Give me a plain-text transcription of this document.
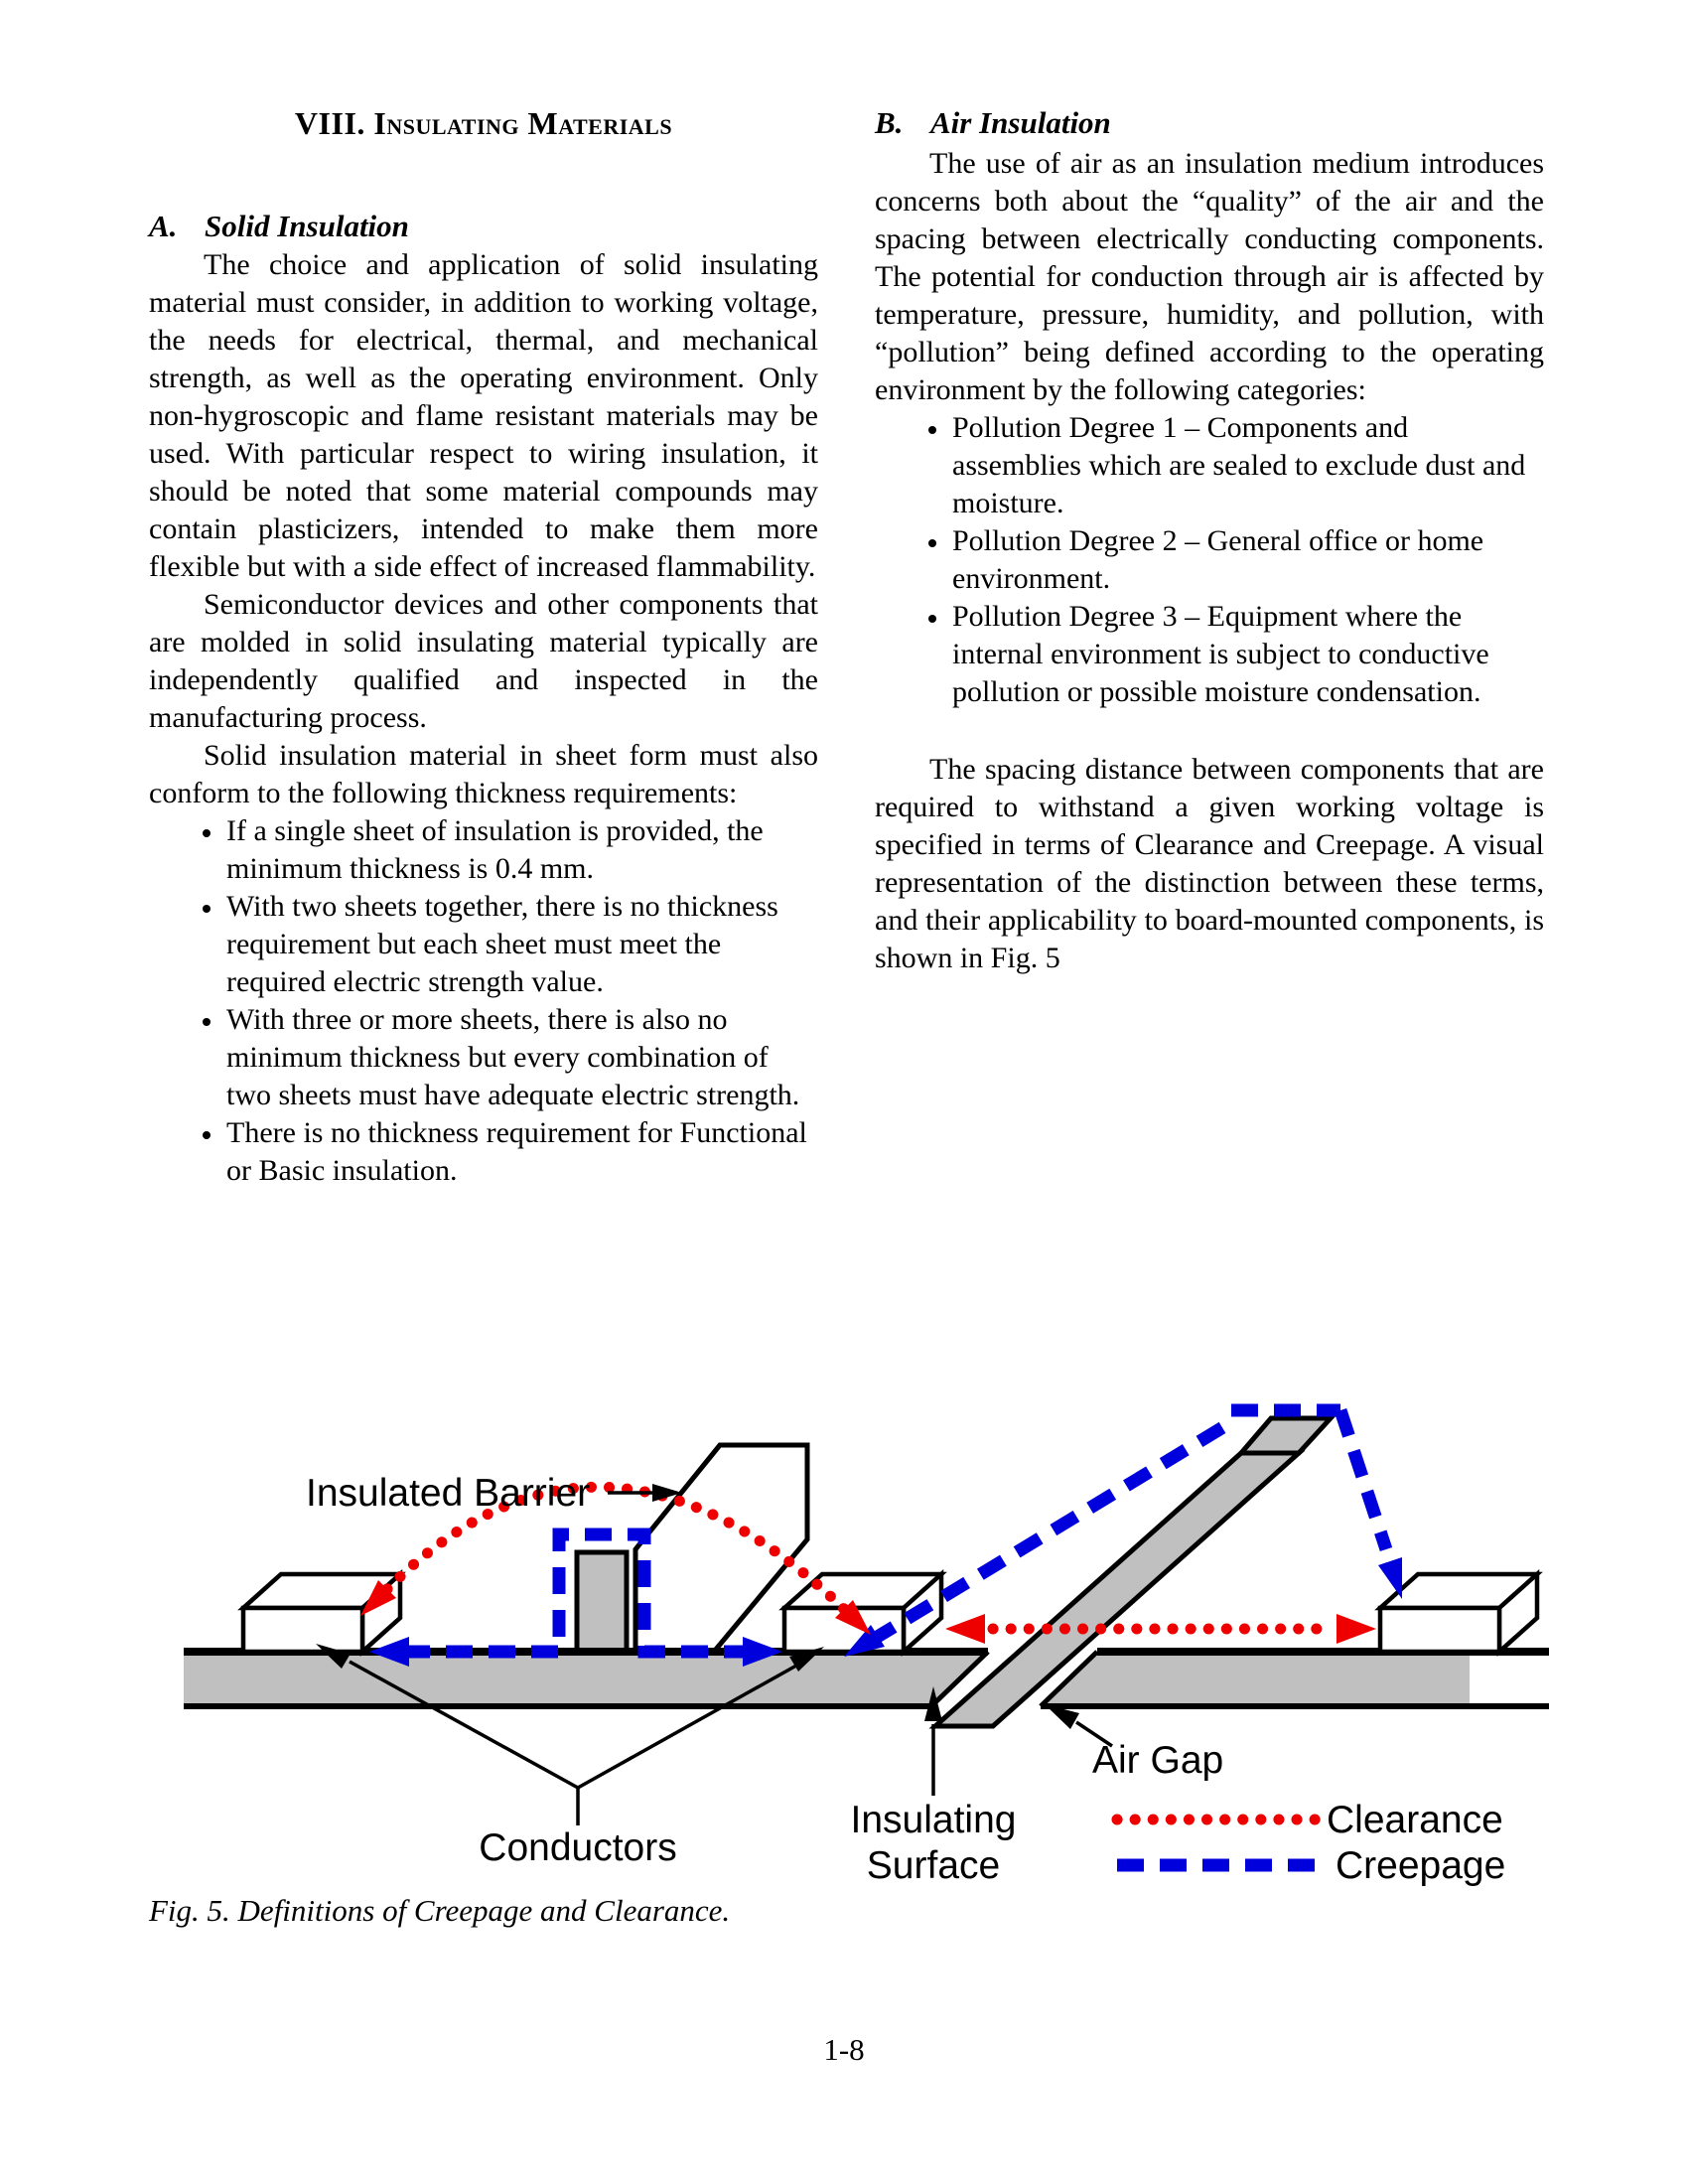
VIII. Insulating Materials
A. Solid Insulation

The choice and application of solid insulating material must consider, in addition to working voltage, the needs for electrical, thermal, and mechanical strength, as well as the operating environment. Only non-hygroscopic and flame resistant materials may be used. With particular respect to wiring insulation, it should be noted that some material compounds may contain plasticizers, intended to make them more flexible but with a side effect of increased flammability.

Semiconductor devices and other components that are molded in solid insulating material typically are independently qualified and inspected in the manufacturing process.

Solid insulation material in sheet form must also conform to the following thickness requirements:

• If a single sheet of insulation is provided, the minimum thickness is 0.4 mm.
• With two sheets together, there is no thickness requirement but each sheet must meet the required electric strength value.
• With three or more sheets, there is also no minimum thickness but every combination of two sheets must have adequate electric strength.
• There is no thickness requirement for Functional or Basic insulation.
B. Air Insulation

The use of air as an insulation medium introduces concerns both about the “quality” of the air and the spacing between electrically conducting components. The potential for conduction through air is affected by temperature, pressure, humidity, and pollution, with “pollution” being defined according to the operating environment by the following categories:

• Pollution Degree 1 – Components and assemblies which are sealed to exclude dust and moisture.
• Pollution Degree 2 – General office or home environment.
• Pollution Degree 3 – Equipment where the internal environment is subject to conductive pollution or possible moisture condensation.

The spacing distance between components that are required to withstand a given working voltage is specified in terms of Clearance and Creepage. A visual representation of the distinction between these terms, and their applicability to board-mounted components, is shown in Fig. 5

Insulated Barrier
Conductors
Insulating
Surface
Air Gap
Clearance
Creepage
Fig. 5. Definitions of Creepage and Clearance.
1-8
